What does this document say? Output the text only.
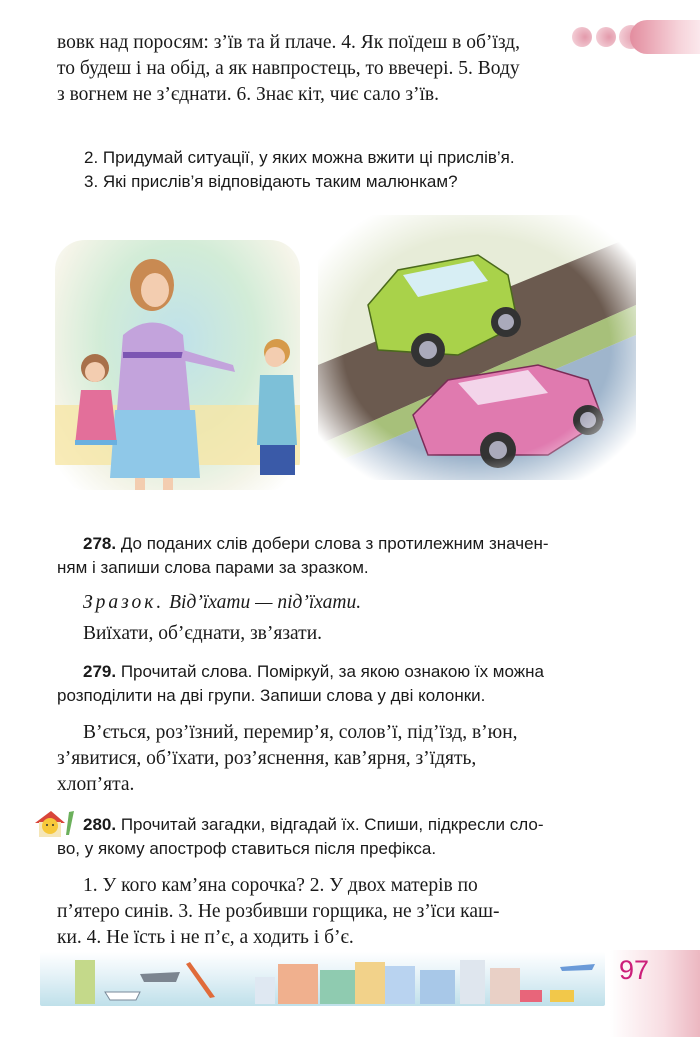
вовк над поросям: з’їв та й плаче. 4. Як поїдеш в об’їзд,
то будеш і на обід, а як навпростець, то ввечері. 5. Воду
з вогнем не з’єднати. 6. Знає кіт, чиє сало з’їв.
2. Придумай ситуації, у яких можна вжити ці прислів’я.
3. Які прислів’я відповідають таким малюнкам?
278. До поданих слів добери слова з протилежним значен-
ням і запиши слова парами за зразком.
Зразок. Від’їхати — під’їхати.
Виїхати, об’єднати, зв’язати.
279. Прочитай слова. Поміркуй, за якою ознакою їх можна
розподілити на дві групи. Запиши слова у дві колонки.
В’ється, роз’їзний, перемир’я, солов’ї, під’їзд, в’юн,
з’явитися, об’їхати, роз’яснення, кав’ярня, з’їдять,
хлоп’ята.
280. Прочитай загадки, відгадай їх. Спиши, підкресли сло-
во, у якому апостроф ставиться після префікса.
1. У кого кам’яна сорочка? 2. У двох матерів по
п’ятеро синів. 3. Не розбивши горщика, не з’їси каш-
ки. 4. Не їсть і не п’є, а ходить і б’є.
97
